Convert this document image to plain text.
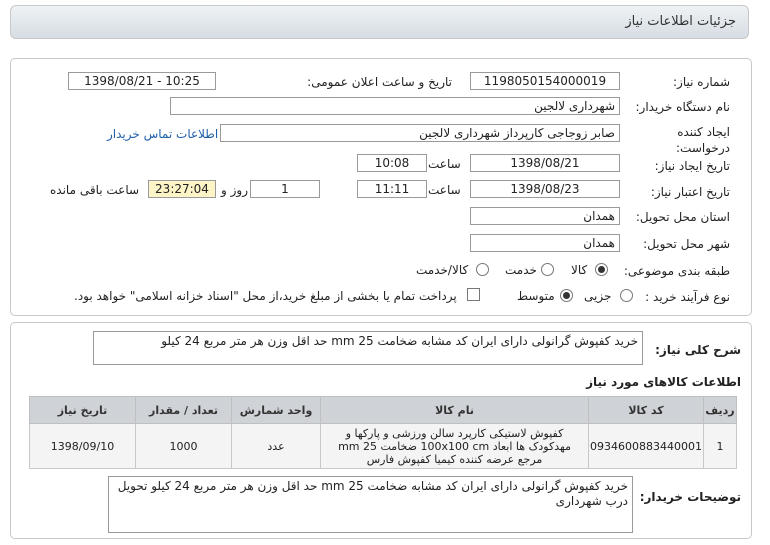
جزئیات اطلاعات نیاز
شماره نیاز:
1198050154000019
تاریخ و ساعت اعلان عمومی:
1398/08/21 - 10:25
نام دستگاه خریدار:
شهرداری لالجین
ایجاد کننده درخواست:
صابر زوجاجی کارپرداز شهرداری لالجین
اطلاعات تماس خریدار
تاریخ ایجاد نیاز:
1398/08/21
ساعت
10:08
تاریخ اعتبار نیاز:
1398/08/23
ساعت
11:11
1
روز و
23:27:04
ساعت باقی مانده
استان محل تحویل:
همدان
شهر محل تحویل:
همدان
طبقه بندی موضوعی:
کالا
خدمت
کالا/خدمت
نوع فرآیند خرید :
جزیی
متوسط
پرداخت تمام یا بخشی از مبلغ خرید،از محل "اسناد خزانه اسلامی" خواهد بود.
شرح کلی نیاز:
خرید کفپوش گرانولی دارای ایران کد مشابه ضخامت mm 25 حد اقل وزن هر متر مربع 24 کیلو
اطلاعات کالاهای مورد نیاز
ردیف	کد کالا	نام کالا	واحد شمارش	تعداد / مقدار	تاریخ نیاز
1	0934600883440001	کفپوش لاستیکی کارپرد سالن ورزشی و پارکها و مهدکودک ها ابعاد 100x100 cm ضخامت mm 25 مرجع عرضه کننده کیمیا کفپوش فارس	عدد	1000	1398/09/10
توضیحات خریدار:
خرید کفپوش گرانولی دارای ایران کد مشابه ضخامت mm 25 حد اقل وزن هر متر مربع 24 کیلو تحویل درب شهرداری
